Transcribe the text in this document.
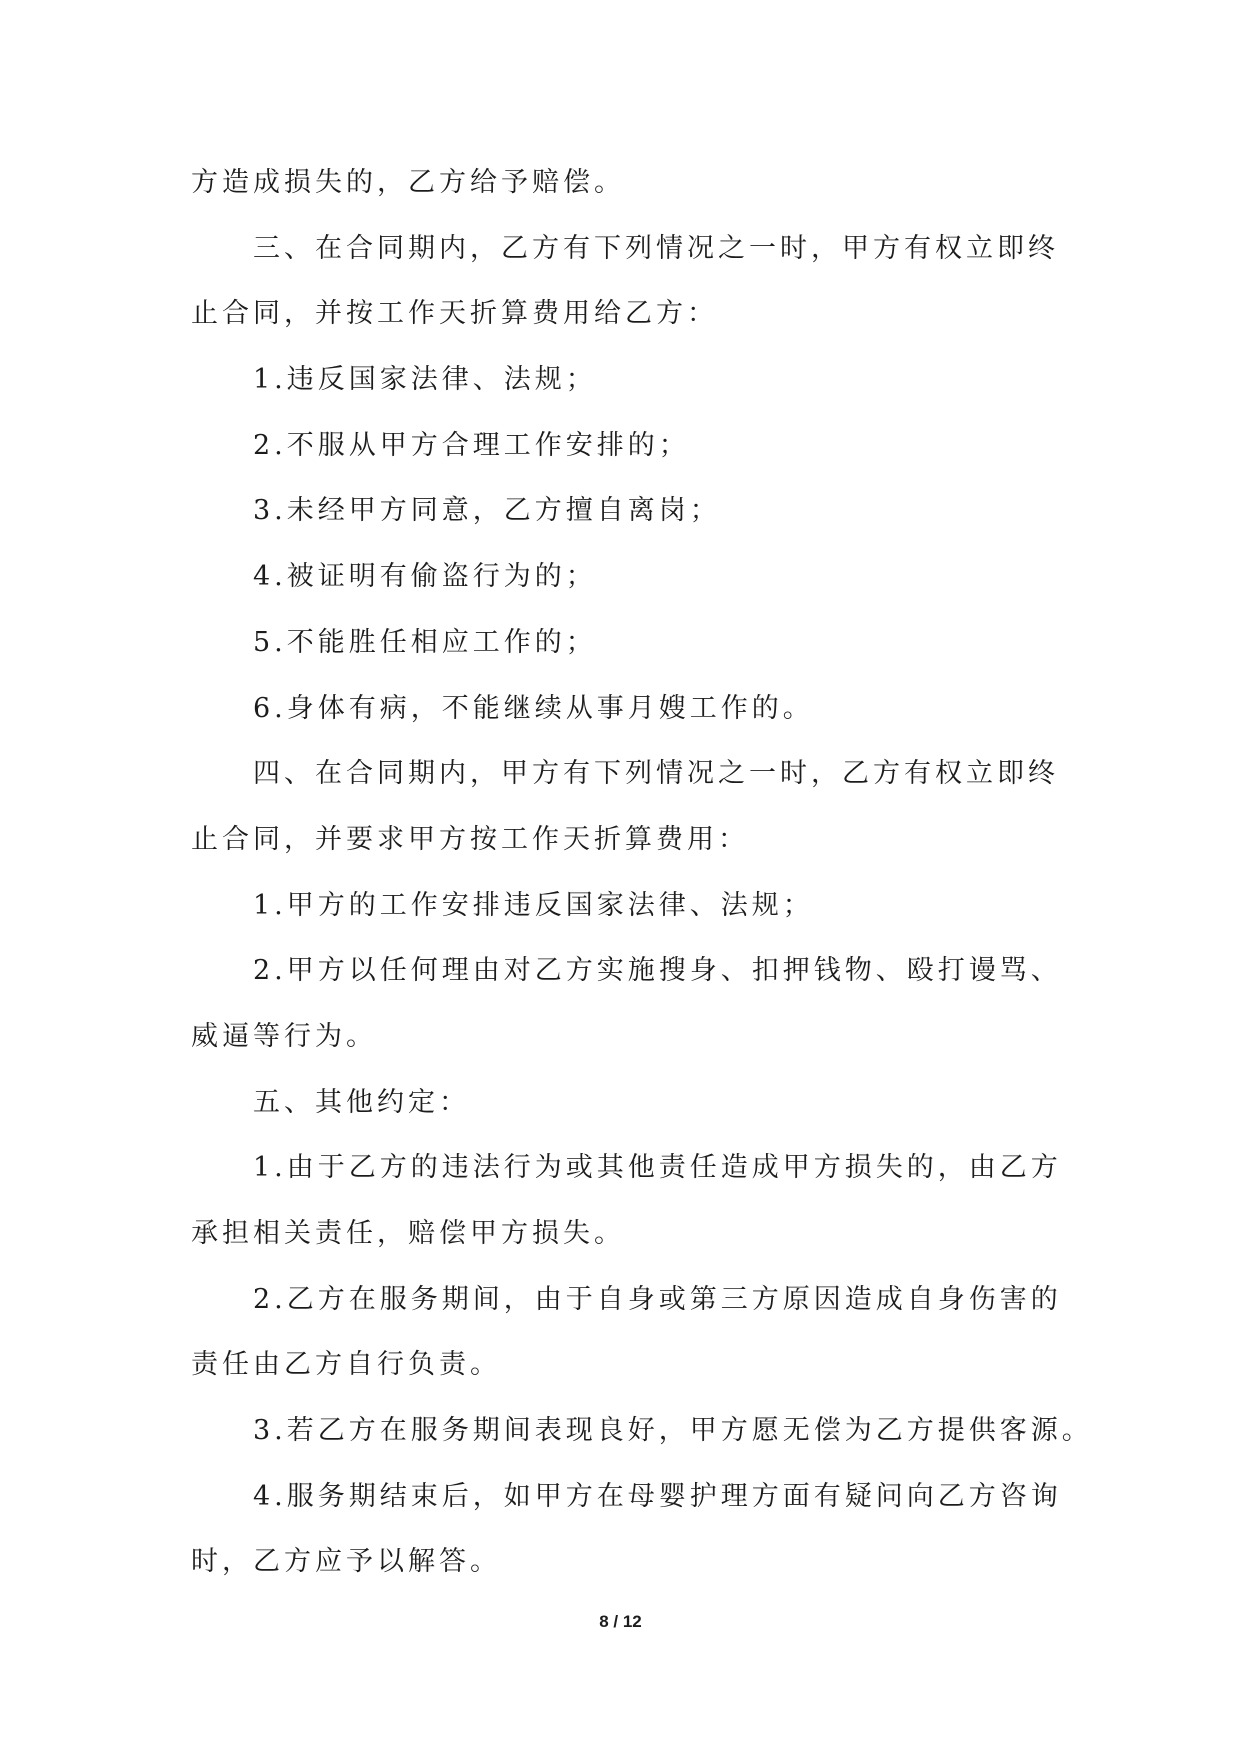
方造成损失的，乙方给予赔偿。
三、在合同期内，乙方有下列情况之一时，甲方有权立即终
止合同，并按工作天折算费用给乙方：
1.违反国家法律、法规；
2.不服从甲方合理工作安排的；
3.未经甲方同意，乙方擅自离岗；
4.被证明有偷盗行为的；
5.不能胜任相应工作的；
6.身体有病，不能继续从事月嫂工作的。
四、在合同期内，甲方有下列情况之一时，乙方有权立即终
止合同，并要求甲方按工作天折算费用：
1.甲方的工作安排违反国家法律、法规；
2.甲方以任何理由对乙方实施搜身、扣押钱物、殴打谩骂、
威逼等行为。
五、其他约定：
1.由于乙方的违法行为或其他责任造成甲方损失的，由乙方
承担相关责任，赔偿甲方损失。
2.乙方在服务期间，由于自身或第三方原因造成自身伤害的
责任由乙方自行负责。
3.若乙方在服务期间表现良好，甲方愿无偿为乙方提供客源。
4.服务期结束后，如甲方在母婴护理方面有疑问向乙方咨询
时，乙方应予以解答。
8 / 12
